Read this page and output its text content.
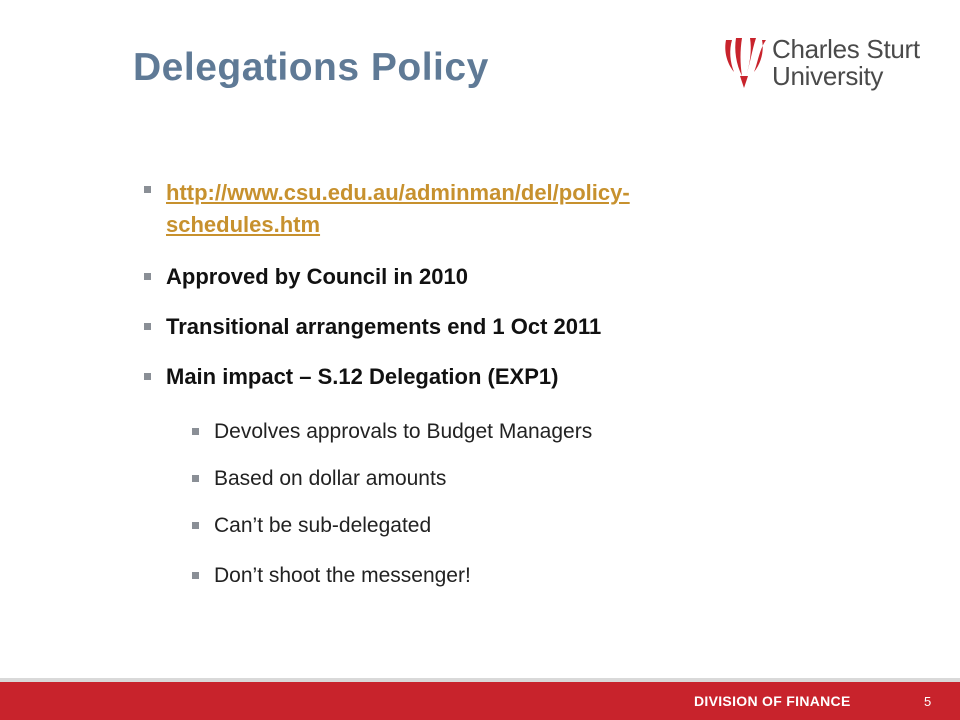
Delegations Policy	Charles Sturt
University
http://www.csu.edu.au/adminman/del/policy-
schedules.htm
Approved by Council in 2010
Transitional arrangements end 1 Oct 2011
Main impact – S.12 Delegation (EXP1)
Devolves approvals to Budget Managers
Based on dollar amounts
Can’t be sub-delegated
Don’t shoot the messenger!
DIVISION OF FINANCE	5
